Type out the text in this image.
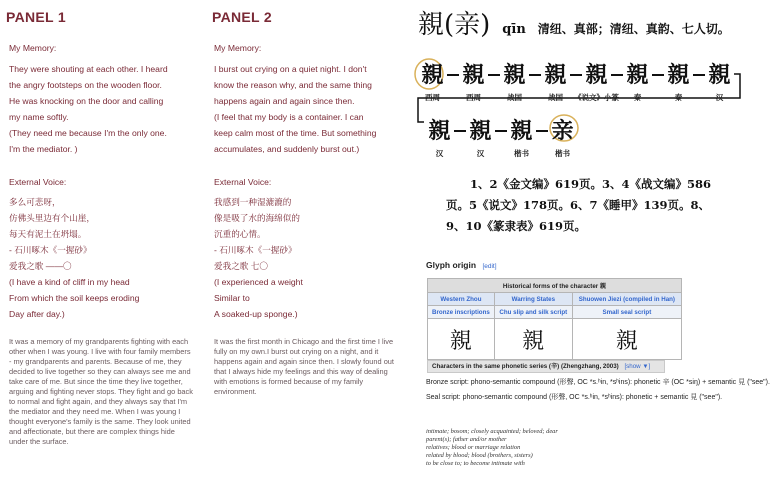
PANEL 1
My Memory:
They were shouting at each other. I heard
the angry footsteps on the wooden floor.
He was knocking on the door and calling
my name softly.
(They need me because I'm the only one.
I'm the mediator. )
External Voice:
多么可悲呀，
仿佛头里边有个山崖，
每天有泥土在坍塌。
- 石川啄木《一握砂》
爱我之歌 ——〇
(I have a kind of cliff in my head
From which the soil keeps eroding
Day after day.)
It was a memory of my grandparents fighting with each other when I was young. I live with four family members - my grandparents and parents. Because of me, they decided to live together so they can always see me and take care of me. But since the time they live together, arguing and fighting never stops. They fight and go back to normal and fight again, and they always say that I'm the mediator and they need me. When I was young I thought everyone's family is the same. They look united and affectionate, but there are complex things hide under the surface.
PANEL 2
My Memory:
I burst out crying on a quiet night. I don't
know the reason why, and the same thing
happens again and again since then.
(I feel that my body is a container. I can
keep calm most of the time. But something
accumulates, and suddenly burst out.)
External Voice:
我感到一种湿漉漉的
像是吸了水的海绵似的
沉重的心情。
- 石川啄木《一握砂》
爱我之歌 七〇
(I experienced a weight
Similar to
A soaked-up sponge.)
It was the first month in Chicago and the first time I live fully on my own.I burst out crying on a night, and it happens again and again since then. I slowly found out that I always hide my feelings and this way of dealing with emotions is formed because of my family environment.
親(亲) qīn 清纽、真部；清纽、真韵、七人切。
親
西周
親
西周
親
战国
親
战国
親
《说文》小篆
親
秦
親
秦
親
汉
親
汉
親
汉
親
楷书
亲
楷书
1、2《金文编》619页。3、4《战文编》586
页。5《说文》178页。6、7《睡甲》139页。8、
9、10《篆隶表》619页。
Glyph origin [edit]
Historical forms of the character 親		
Western Zhou	Warring States	Shuowen Jiezi (compiled in Han)
Bronze inscriptions	Chu slip and silk script	Small seal script
親	親	親
Characters in the same phonetic series (辛) (Zhengzhang, 2003) [show ▼]
Bronze script: phono-semantic compound (形聲, OC *s.ʰin, *sʰins): phonetic 辛 (OC *siŋ) + semantic 見 ("see").
Seal script: phono-semantic compound (形聲, OC *s.ʰin, *sʰins): phonetic + semantic 見 ("see").
intimate; bosom; closely acquainted; beloved; dear
parent(s); father and/or mother
relatives; blood or marriage relation
related by blood; blood (brothers, sisters)
to be close to; to become intimate with
